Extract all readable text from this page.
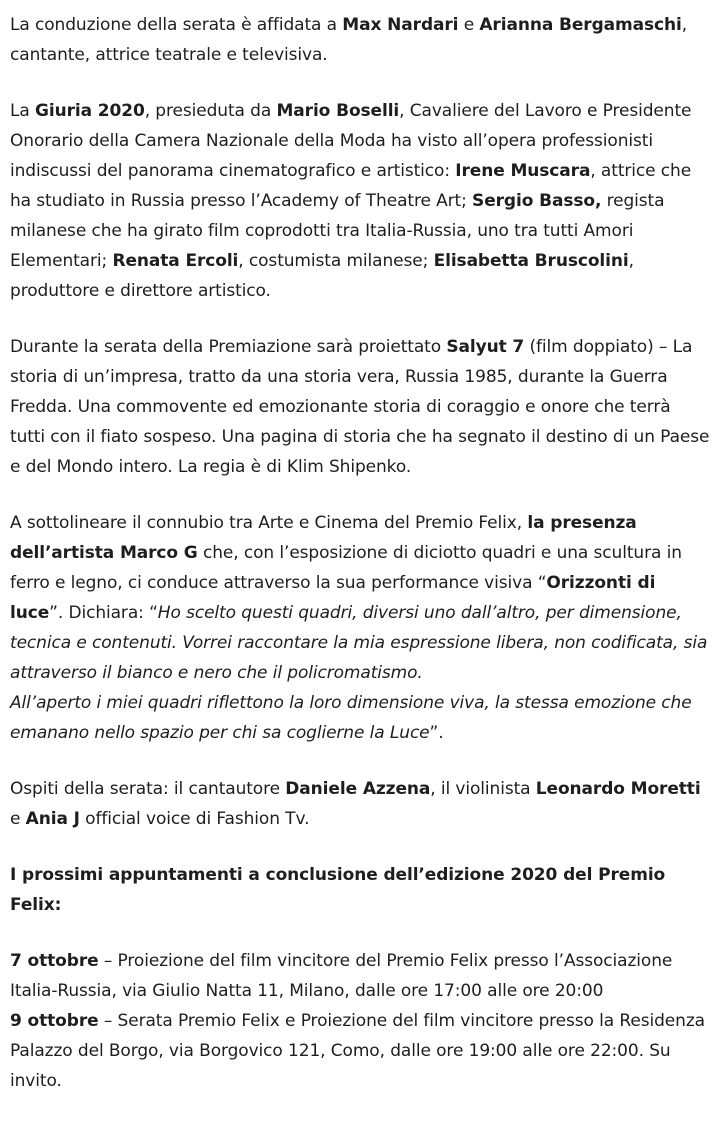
La conduzione della serata è affidata a Max Nardari e Arianna Bergamaschi, cantante, attrice teatrale e televisiva.

La Giuria 2020, presieduta da Mario Boselli, Cavaliere del Lavoro e Presidente Onorario della Camera Nazionale della Moda ha visto all’opera professionisti indiscussi del panorama cinematografico e artistico: Irene Muscara, attrice che ha studiato in Russia presso l’Academy of Theatre Art; Sergio Basso, regista milanese che ha girato film coprodotti tra Italia-Russia, uno tra tutti Amori Elementari; Renata Ercoli, costumista milanese; Elisabetta Bruscolini, produttore e direttore artistico.

Durante la serata della Premiazione sarà proiettato Salyut 7 (film doppiato) – La storia di un’impresa, tratto da una storia vera, Russia 1985, durante la Guerra Fredda. Una commovente ed emozionante storia di coraggio e onore che terrà tutti con il fiato sospeso. Una pagina di storia che ha segnato il destino di un Paese e del Mondo intero. La regia è di Klim Shipenko.

A sottolineare il connubio tra Arte e Cinema del Premio Felix, la presenza dell’artista Marco G che, con l’esposizione di diciotto quadri e una scultura in ferro e legno, ci conduce attraverso la sua performance visiva “Orizzonti di luce”. Dichiara: “Ho scelto questi quadri, diversi uno dall’altro, per dimensione, tecnica e contenuti. Vorrei raccontare la mia espressione libera, non codificata, sia attraverso il bianco e nero che il policromatismo.
All’aperto i miei quadri riflettono la loro dimensione viva, la stessa emozione che emanano nello spazio per chi sa coglierne la Luce”.

Ospiti della serata: il cantautore Daniele Azzena, il violinista Leonardo Moretti e Ania J official voice di Fashion Tv.

I prossimi appuntamenti a conclusione dell’edizione 2020 del Premio Felix:

7 ottobre – Proiezione del film vincitore del Premio Felix presso l’Associazione Italia-Russia, via Giulio Natta 11, Milano, dalle ore 17:00 alle ore 20:00

9 ottobre – Serata Premio Felix e Proiezione del film vincitore presso la Residenza Palazzo del Borgo, via Borgovico 121, Como, dalle ore 19:00 alle ore 22:00. Su invito.
